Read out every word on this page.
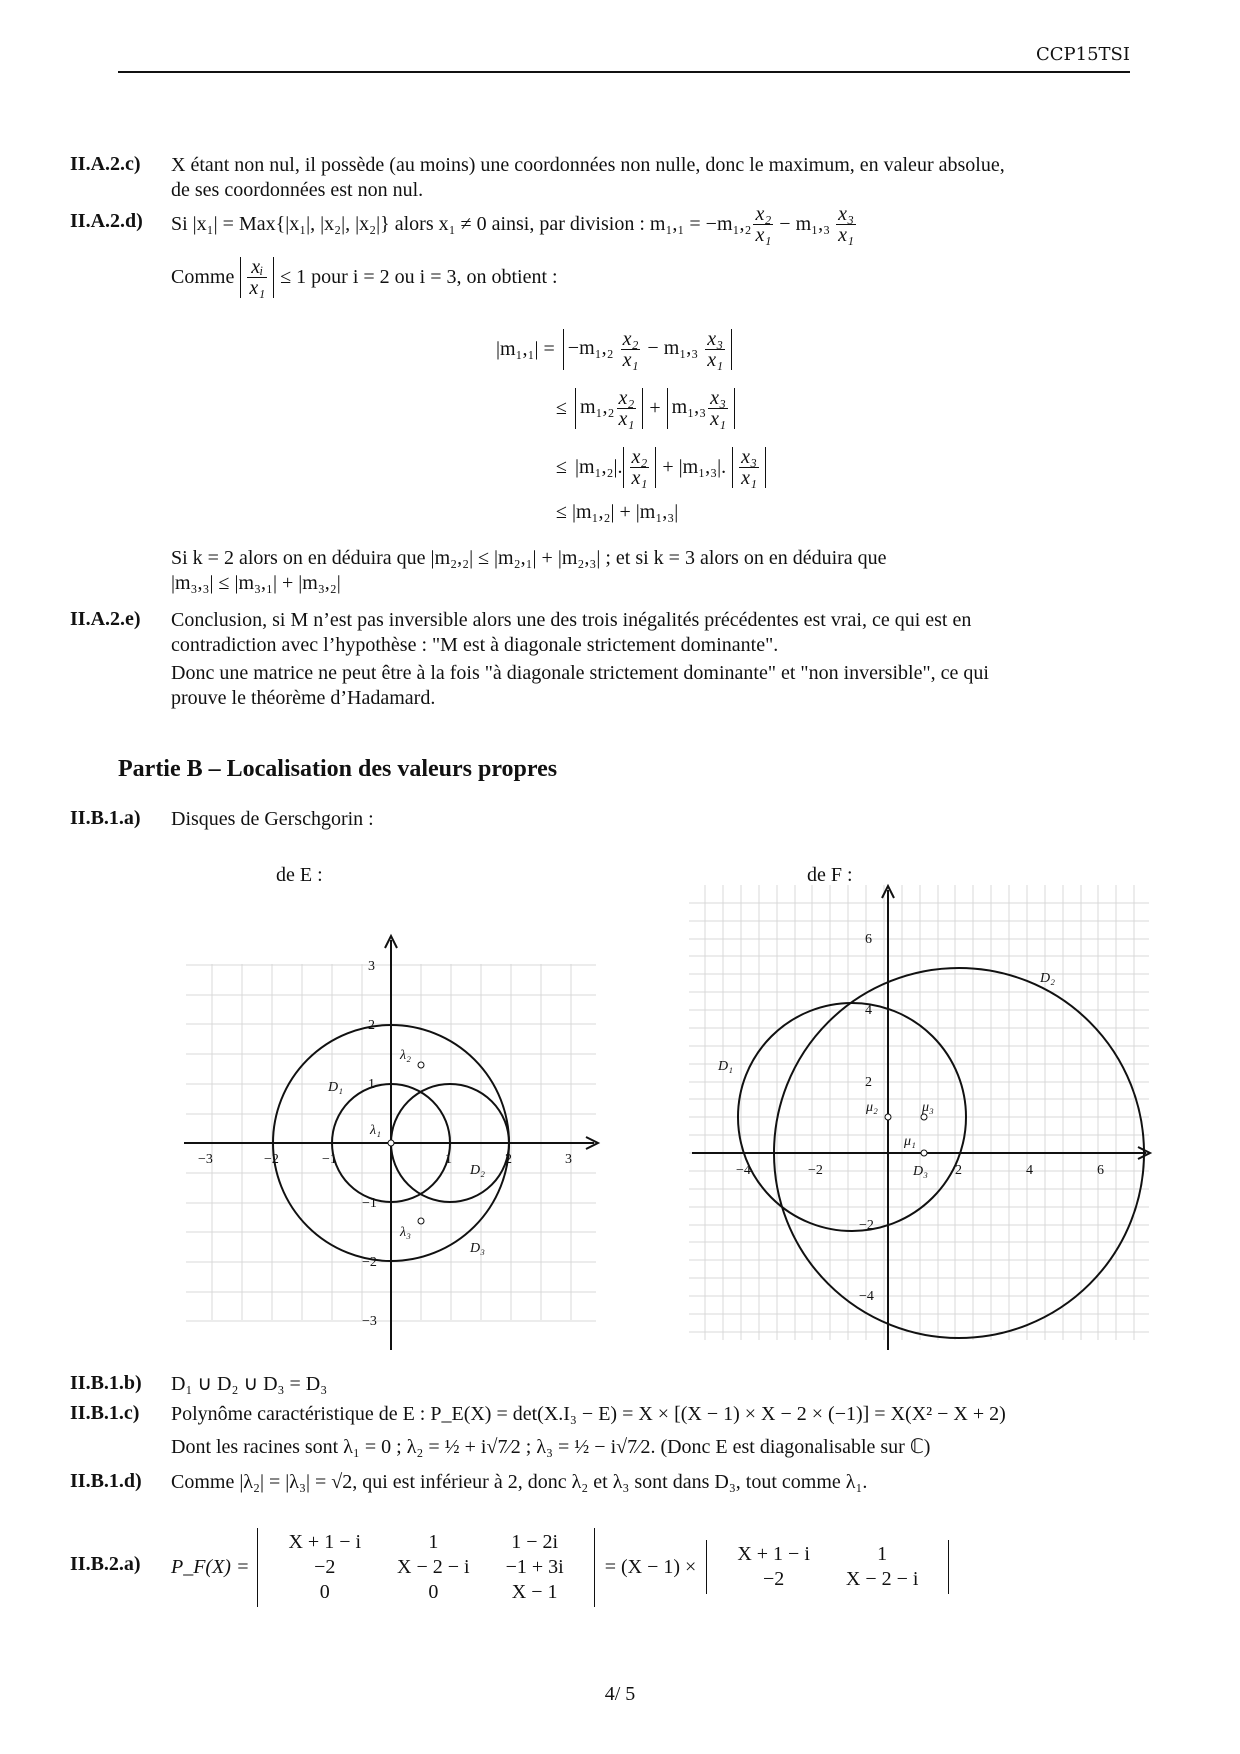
CCP15TSI
II.A.2.c) X étant non nul, il possède (au moins) une coordonnées non nulle, donc le maximum, en valeur absolue,
de ses coordonnées est non nul.
II.A.2.d) Si |x₁| = Max{|x₁|, |x₂|, |x₂|} alors x₁ ≠ 0 ainsi, par division : $m_1,_1 = -m_1,_2 \frac{\text{x₂}}{\text{x₁}} - m_1,_3 \frac{\text{x₃}}{\text{x₁}}$
Comme $\frac{\text{xᵢ}}{\text{x₁}} \le 1$ pour i = 2 ou i = 3, on obtient :
$|m_1,_1| = -m_1,_2 \frac{\text{x₂}}{\text{x₁}} - m_1,_3 \frac{\text{x₃}}{\text{x₁}}$
≤ $m_1,_2 \frac{\text{x₂}}{\text{x₁}} + m_1,_3 \frac{\text{x₃}}{\text{x₁}}$
≤ |m₁,₂|. $\frac{\text{x₂}}{\text{x₁}} + |m_1,_3|$. $\frac{\text{x₃}}{\text{x₁}}$
≤ |m₁,₂| + |m₁,₃|
Si k = 2 alors on en déduira que |m₂,₂| ≤ |m₂,₁| + |m₂,₃| ; et si k = 3 alors on en déduira que
|m₃,₃| ≤ |m₃,₁| + |m₃,₂|
II.A.2.e) Conclusion, si M n’est pas inversible alors une des trois inégalités précédentes est vrai, ce qui est en
contradiction avec l’hypothèse : "M est à diagonale strictement dominante".
Donc une matrice ne peut être à la fois "à diagonale strictement dominante" et "non inversible", ce qui
prouve le théorème d’Hadamard.
Partie B – Localisation des valeurs propres
II.B.1.a) Disques de Gerschgorin :
de E :	de F :
−3	−2	−1	1	2	3
3
2
1
−1
−2
−3
D₁
D₂
D₃
λ₁
λ₂
λ₃
−4	−2	2	4	6
6
4
2
−2
−4
D₁
D₂
D₃
μ₁
μ₂	μ₃
II.B.1.b) D₁ ∪ D₂ ∪ D₃ = D₃
II.B.1.c) Polynôme caractéristique de E : P_E(X) = det(X.I₃ − E) = X × [(X − 1) × X − 2 × (−1)] = X(X² − X + 2)
Dont les racines sont λ₁ = 0 ; λ₂ = ½ + i√7⁄2 ; λ₃ = ½ − i√7⁄2. (Donc E est diagonalisable sur ℂ)
II.B.1.d) Comme |λ₂| = |λ₃| = √2, qui est inférieur à 2, donc λ₂ et λ₃ sont dans D₃, tout comme λ₁.
II.B.2.a) P_F(X) =
X + 1 − i	1	1 − 2i
−2	X − 2 − i	−1 + 3i
0	0	X − 1
= (X − 1) ×
X + 1 − i	1
−2	X − 2 − i
4/ 5
